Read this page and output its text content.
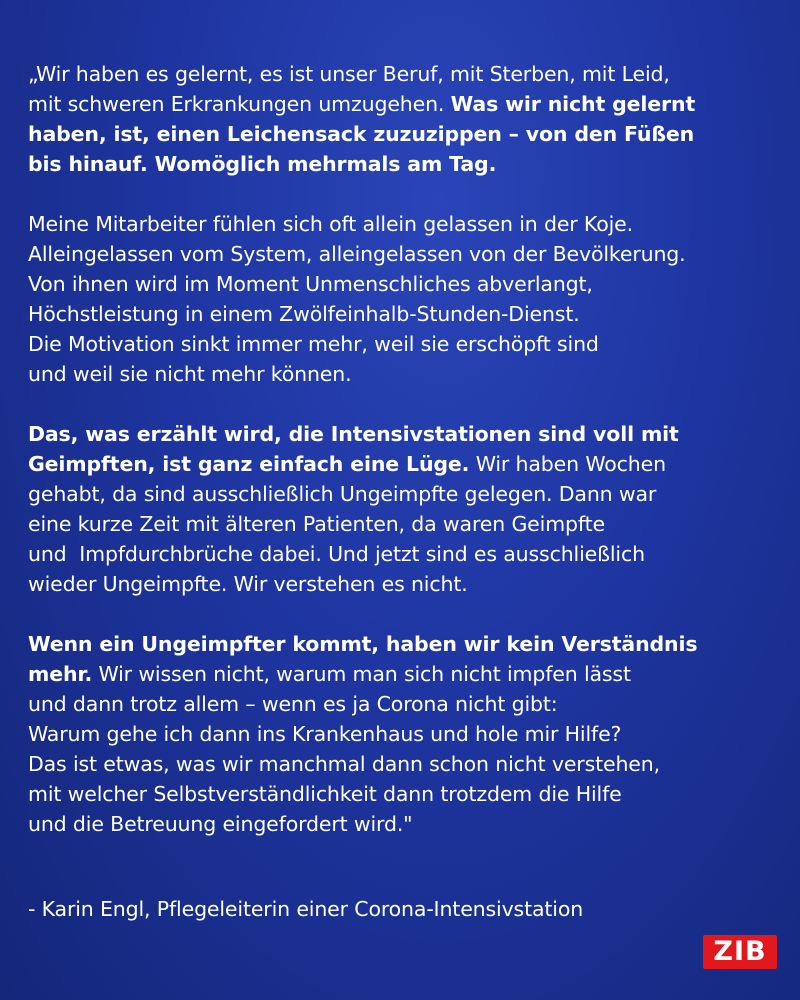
„Wir haben es gelernt, es ist unser Beruf, mit Sterben, mit Leid,
mit schweren Erkrankungen umzugehen. Was wir nicht gelernt
haben, ist, einen Leichensack zuzuzippen – von den Füßen
bis hinauf. Womöglich mehrmals am Tag.

Meine Mitarbeiter fühlen sich oft allein gelassen in der Koje.
Alleingelassen vom System, alleingelassen von der Bevölkerung.
Von ihnen wird im Moment Unmenschliches abverlangt,
Höchstleistung in einem Zwölfeinhalb-Stunden-Dienst.
Die Motivation sinkt immer mehr, weil sie erschöpft sind
und weil sie nicht mehr können.

Das, was erzählt wird, die Intensivstationen sind voll mit
Geimpften, ist ganz einfach eine Lüge. Wir haben Wochen
gehabt, da sind ausschließlich Ungeimpfte gelegen. Dann war
eine kurze Zeit mit älteren Patienten, da waren Geimpfte
und  Impfdurchbrüche dabei. Und jetzt sind es ausschließlich
wieder Ungeimpfte. Wir verstehen es nicht.

Wenn ein Ungeimpfter kommt, haben wir kein Verständnis
mehr. Wir wissen nicht, warum man sich nicht impfen lässt
und dann trotz allem – wenn es ja Corona nicht gibt:
Warum gehe ich dann ins Krankenhaus und hole mir Hilfe?
Das ist etwas, was wir manchmal dann schon nicht verstehen,
mit welcher Selbstverständlichkeit dann trotzdem die Hilfe
und die Betreuung eingefordert wird."

- Karin Engl, Pflegeleiterin einer Corona-Intensivstation
ZIB
